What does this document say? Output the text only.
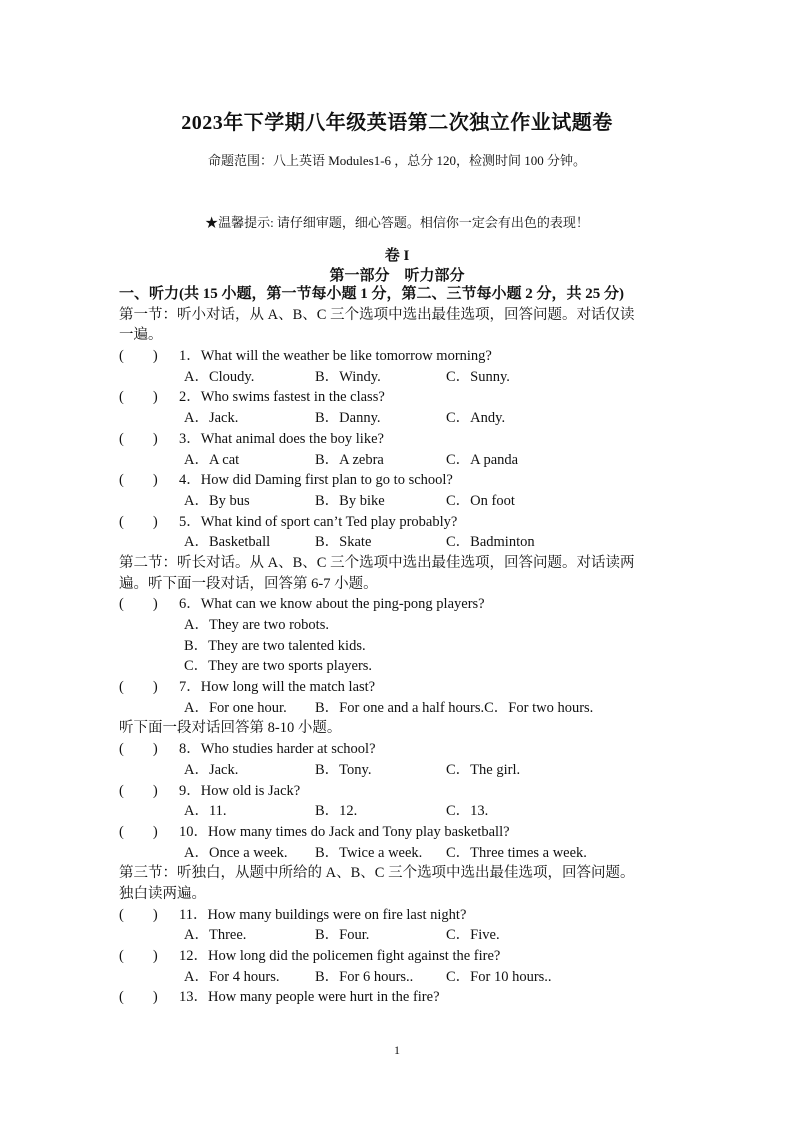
2023年下学期八年级英语第二次独立作业试题卷
命题范围：八上英语 Modules1-6 ，总分 120，检测时间 100 分钟。
★温馨提示: 请仔细审题，细心答题。相信你一定会有出色的表现！
卷 I
第一部分　听力部分
一、听力(共 15 小题，第一节每小题 1 分，第二、三节每小题 2 分，共 25 分)
第一节：听小对话，从 A、B、C 三个选项中选出最佳选项，回答问题。对话仅读
一遍。
(　　) 1．What will the weather be like tomorrow morning?
A．Cloudy.	B．Windy.	C．Sunny.
(　　) 2．Who swims fastest in the class?
A．Jack.	B．Danny.	C．Andy.
(　　) 3．What animal does the boy like?
A．A cat	B．A zebra	C．A panda
(　　) 4．How did Daming first plan to go to school?
A．By bus	B．By bike	C．On foot
(　　) 5．What kind of sport can’t Ted play probably?
A．Basketball	B．Skate	C．Badminton
第二节：听长对话。从 A、B、C 三个选项中选出最佳选项，回答问题。对话读两
遍。听下面一段对话，回答第 6-7 小题。
(　　) 6．What can we know about the ping-pong players?
A．They are two robots.
B．They are two talented kids.
C．They are two sports players.
(　　) 7．How long will the match last?
A．For one hour. B．For one and a half hours.C．For two hours.
听下面一段对话回答第 8-10 小题。
(　　) 8．Who studies harder at school?
A．Jack.	B．Tony.	C．The girl.
(　　) 9．How old is Jack?
A．11.	B．12.	C．13.
(　　) 10．How many times do Jack and Tony play basketball?
A．Once a week. B．Twice a week. C．Three times a week.
第三节：听独白，从题中所给的 A、B、C 三个选项中选出最佳选项，回答问题。
独白读两遍。
(　　) 11．How many buildings were on fire last night?
A．Three.	B．Four.	C．Five.
(　　) 12．How long did the policemen fight against the fire?
A．For 4 hours. B．For 6 hours.. C．For 10 hours..
(　　) 13．How many people were hurt in the fire?
1
